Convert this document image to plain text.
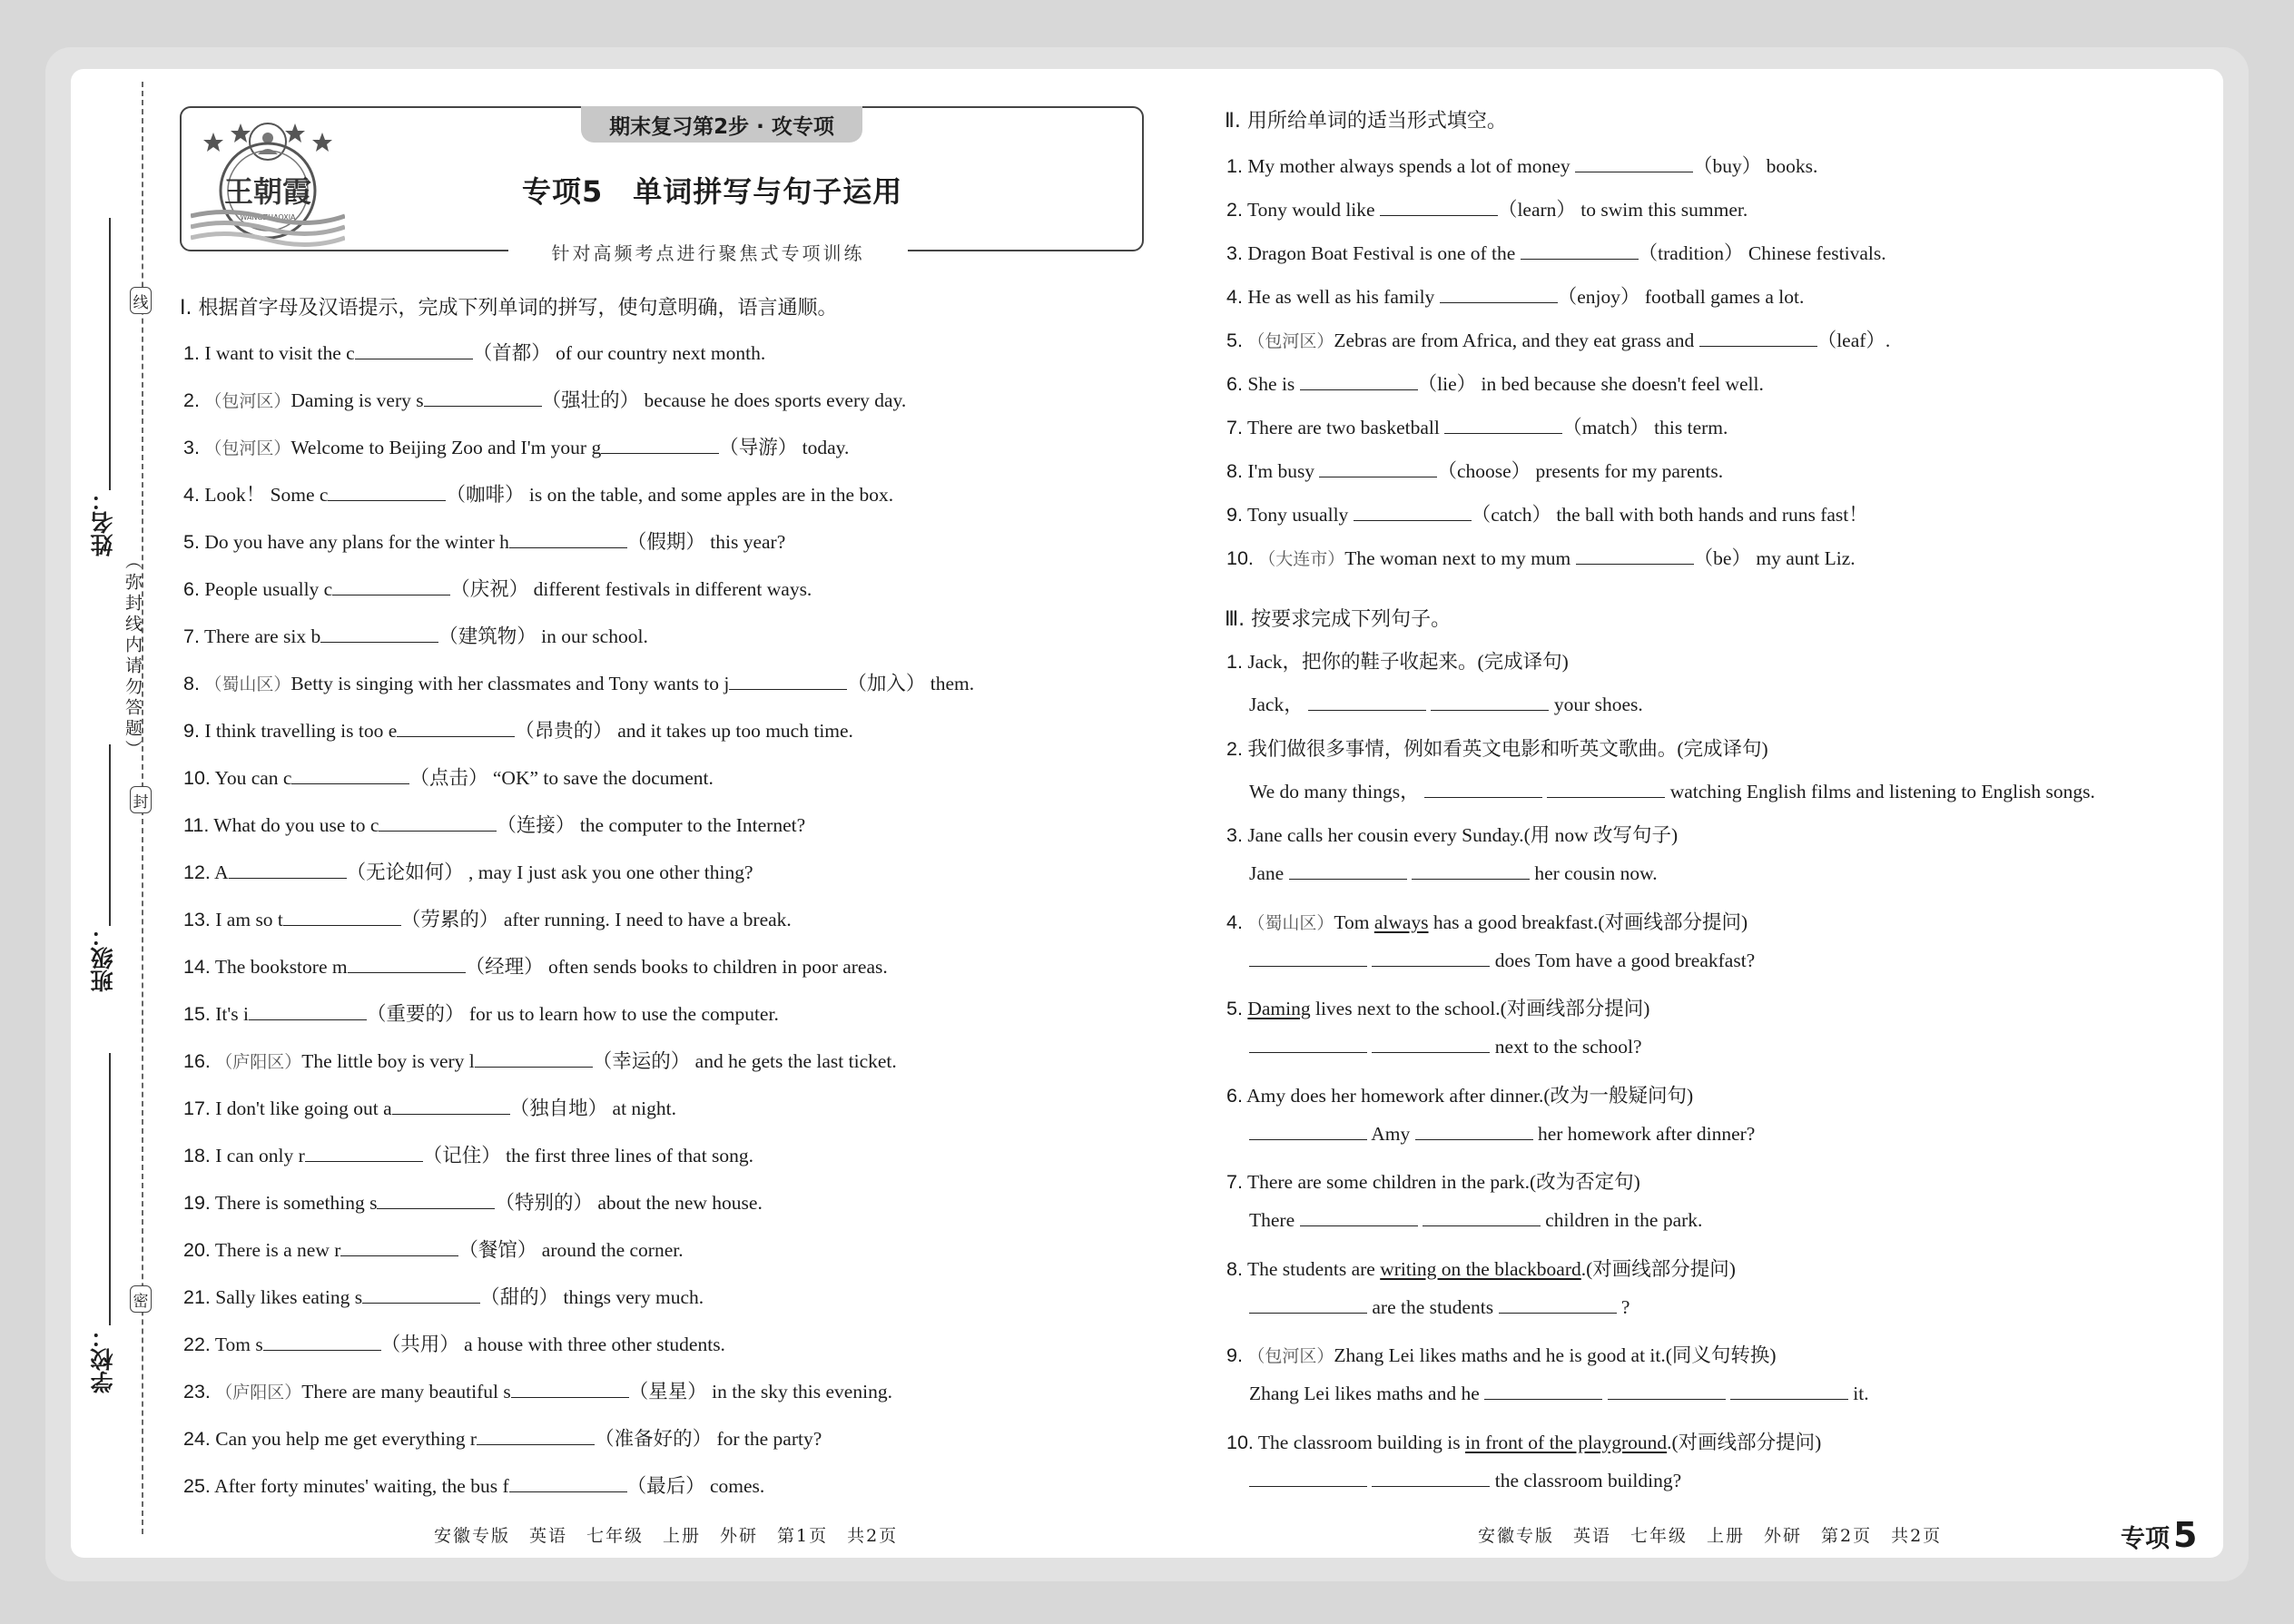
姓名：
班级：
学校：
线
封
密
（弥封线内请勿答题）
王朝霞
WANGZHAOXIA
期末复习第2步 · 攻专项
专项5　单词拼写与句子运用
针对高频考点进行聚焦式专项训练
Ⅰ. 根据首字母及汉语提示，完成下列单词的拼写，使句意明确，语言通顺。
1. I want to visit the c	（首都） of our country next month.
2. （包河区）Daming is very s	（强壮的） because he does sports every day.
3. （包河区）Welcome to Beijing Zoo and I'm your g	（导游） today.
4. Look！ Some c	（咖啡） is on the table, and some apples are in the box.
5. Do you have any plans for the winter h	（假期） this year?
6. People usually c	（庆祝） different festivals in different ways.
7. There are six b	（建筑物） in our school.
8. （蜀山区）Betty is singing with her classmates and Tony wants to j	（加入） them.
9. I think travelling is too e	（昂贵的） and it takes up too much time.
10. You can c	（点击） “OK” to save the document.
11. What do you use to c	（连接） the computer to the Internet?
12. A	（无论如何） , may I just ask you one other thing?
13. I am so t	（劳累的） after running. I need to have a break.
14. The bookstore m	（经理） often sends books to children in poor areas.
15. It's i	（重要的） for us to learn how to use the computer.
16. （庐阳区）The little boy is very l	（幸运的） and he gets the last ticket.
17. I don't like going out a	（独自地） at night.
18. I can only r	（记住） the first three lines of that song.
19. There is something s	（特别的） about the new house.
20. There is a new r	（餐馆） around the corner.
21. Sally likes eating s	（甜的） things very much.
22. Tom s	（共用） a house with three other students.
23. （庐阳区）There are many beautiful s	（星星） in the sky this evening.
24. Can you help me get everything r	（准备好的） for the party?
25. After forty minutes' waiting, the bus f	（最后） comes.
Ⅱ. 用所给单词的适当形式填空。
Ⅲ. 按要求完成下列句子。
1. My mother always spends a lot of money	（buy） books.
2. Tony would like	（learn） to swim this summer.
3. Dragon Boat Festival is one of the	（tradition） Chinese festivals.
4. He as well as his family	（enjoy） football games a lot.
5. （包河区）Zebras are from Africa, and they eat grass and	（leaf）.
6. She is	（lie） in bed because she doesn't feel well.
7. There are two basketball	（match） this term.
8. I'm busy	（choose） presents for my parents.
9. Tony usually	（catch） the ball with both hands and runs fast！
10. （大连市）The woman next to my mum	（be） my aunt Liz.
1. Jack，把你的鞋子收起来。(完成译句)
Jack，	your shoes.
2. 我们做很多事情，例如看英文电影和听英文歌曲。(完成译句)
We do many things，	watching English films and listening to English songs.
3. Jane calls her cousin every Sunday.(用 now 改写句子)
Jane	her cousin now.
4. （蜀山区）Tom always has a good breakfast.(对画线部分提问)
does Tom have a good breakfast?
5. Daming lives next to the school.(对画线部分提问)
next to the school?
6. Amy does her homework after dinner.(改为一般疑问句)
Amy	her homework after dinner?
7. There are some children in the park.(改为否定句)
There	children in the park.
8. The students are writing on the blackboard.(对画线部分提问)
are the students	?
9. （包河区）Zhang Lei likes maths and he is good at it.(同义句转换)
Zhang Lei likes maths and he	it.
10. The classroom building is in front of the playground.(对画线部分提问)
the classroom building?
安徽专版　英语　七年级　上册　外研　第1页　共2页	安徽专版　英语　七年级　上册　外研　第2页　共2页	专项 5
